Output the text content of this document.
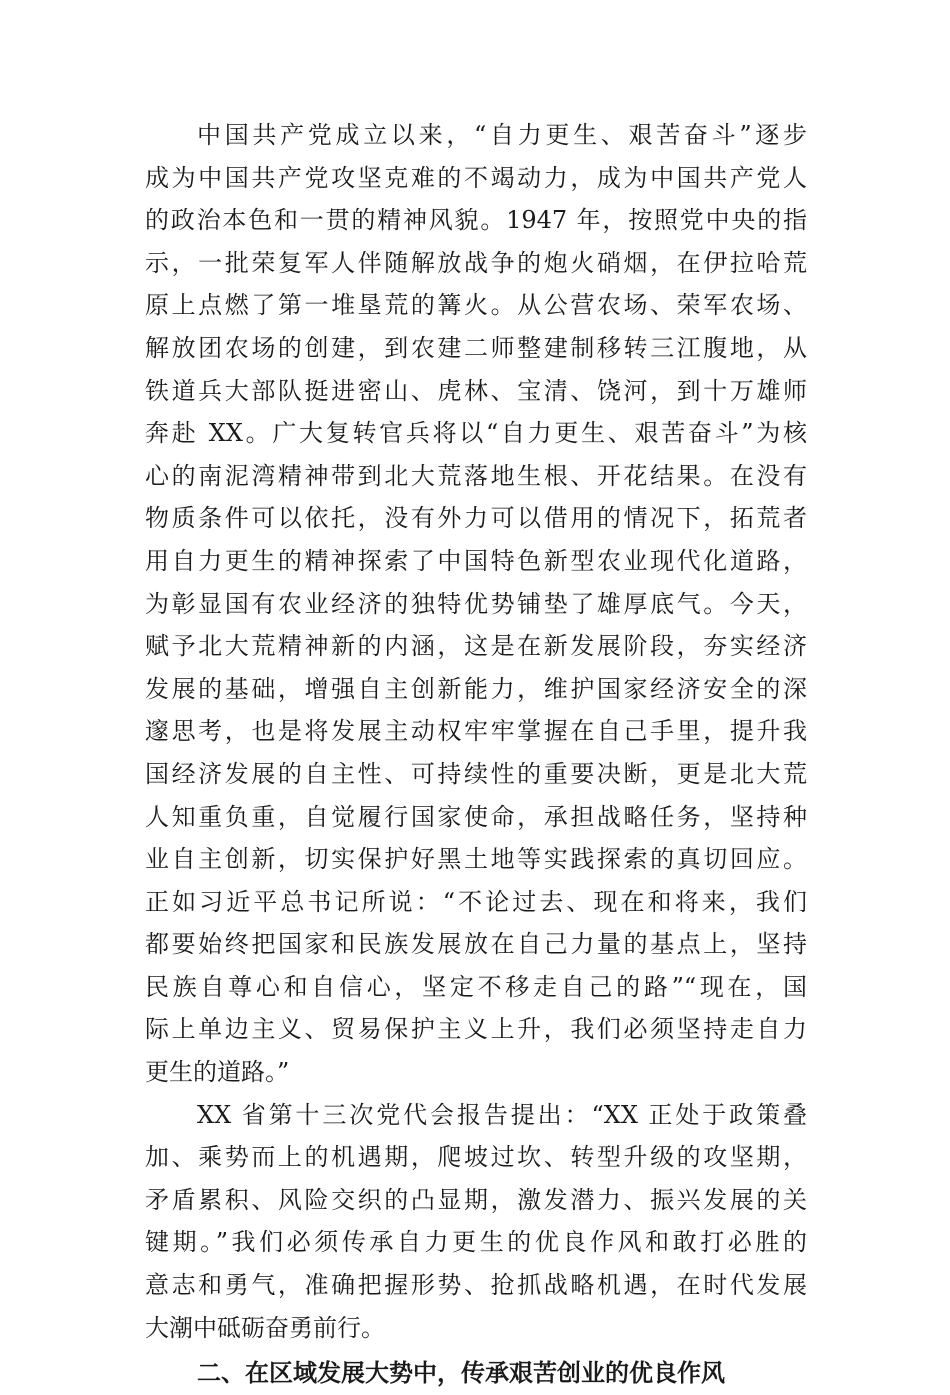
中国共产党成立以来，“自力更生、艰苦奋斗”逐步
成为中国共产党攻坚克难的不竭动力，成为中国共产党人
的政治本色和一贯的精神风貌。1947 年，按照党中央的指
示，一批荣复军人伴随解放战争的炮火硝烟，在伊拉哈荒
原上点燃了第一堆垦荒的篝火。从公营农场、荣军农场、
解放团农场的创建，到农建二师整建制移转三江腹地，从
铁道兵大部队挺进密山、虎林、宝清、饶河，到十万雄师
奔赴 XX。广大复转官兵将以“自力更生、艰苦奋斗”为核
心的南泥湾精神带到北大荒落地生根、开花结果。在没有
物质条件可以依托，没有外力可以借用的情况下，拓荒者
用自力更生的精神探索了中国特色新型农业现代化道路，
为彰显国有农业经济的独特优势铺垫了雄厚底气。今天，
赋予北大荒精神新的内涵，这是在新发展阶段，夯实经济
发展的基础，增强自主创新能力，维护国家经济安全的深
邃思考，也是将发展主动权牢牢掌握在自己手里，提升我
国经济发展的自主性、可持续性的重要决断，更是北大荒
人知重负重，自觉履行国家使命，承担战略任务，坚持种
业自主创新，切实保护好黑土地等实践探索的真切回应。
正如习近平总书记所说：“不论过去、现在和将来，我们
都要始终把国家和民族发展放在自己力量的基点上，坚持
民族自尊心和自信心，坚定不移走自己的路”“现在，国
际上单边主义、贸易保护主义上升，我们必须坚持走自力
更生的道路。”
XX 省第十三次党代会报告提出：“XX 正处于政策叠
加、乘势而上的机遇期，爬坡过坎、转型升级的攻坚期，
矛盾累积、风险交织的凸显期，激发潜力、振兴发展的关
键期。”我们必须传承自力更生的优良作风和敢打必胜的
意志和勇气，准确把握形势、抢抓战略机遇，在时代发展
大潮中砥砺奋勇前行。
二、在区域发展大势中，传承艰苦创业的优良作风
